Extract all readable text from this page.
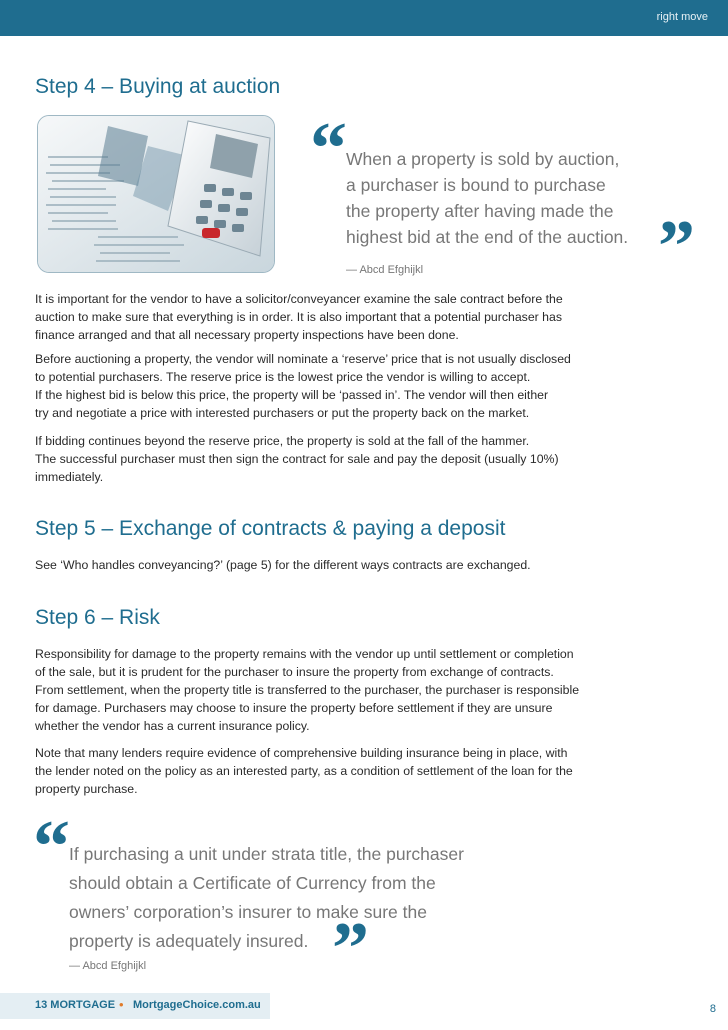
right move
Step 4 – Buying at auction
“ When a property is sold by auction,
a purchaser is bound to purchase
the property after having made the
highest bid at the end of the auction. ”
— Abcd Efghijkl
It is important for the vendor to have a solicitor/conveyancer examine the sale contract before the
auction to make sure that everything is in order. It is also important that a potential purchaser has
finance arranged and that all necessary property inspections have been done.
Before auctioning a property, the vendor will nominate a ‘reserve’ price that is not usually disclosed
to potential purchasers. The reserve price is the lowest price the vendor is willing to accept.
If the highest bid is below this price, the property will be ‘passed in’. The vendor will then either
try and negotiate a price with interested purchasers or put the property back on the market.
If bidding continues beyond the reserve price, the property is sold at the fall of the hammer.
The successful purchaser must then sign the contract for sale and pay the deposit (usually 10%)
immediately.
Step 5 – Exchange of contracts & paying a deposit
See ‘Who handles conveyancing?’ (page 5) for the different ways contracts are exchanged.
Step 6 – Risk
Responsibility for damage to the property remains with the vendor up until settlement or completion
of the sale, but it is prudent for the purchaser to insure the property from exchange of contracts.
From settlement, when the property title is transferred to the purchaser, the purchaser is responsible
for damage. Purchasers may choose to insure the property before settlement if they are unsure
whether the vendor has a current insurance policy.
Note that many lenders require evidence of comprehensive building insurance being in place, with
the lender noted on the policy as an interested party, as a condition of settlement of the loan for the
property purchase.
“ If purchasing a unit under strata title, the purchaser
should obtain a Certificate of Currency from the
owners’ corporation’s insurer to make sure the
property is adequately insured. ”
— Abcd Efghijkl
13 MORTGAGE • MortgageChoice.com.au	8
